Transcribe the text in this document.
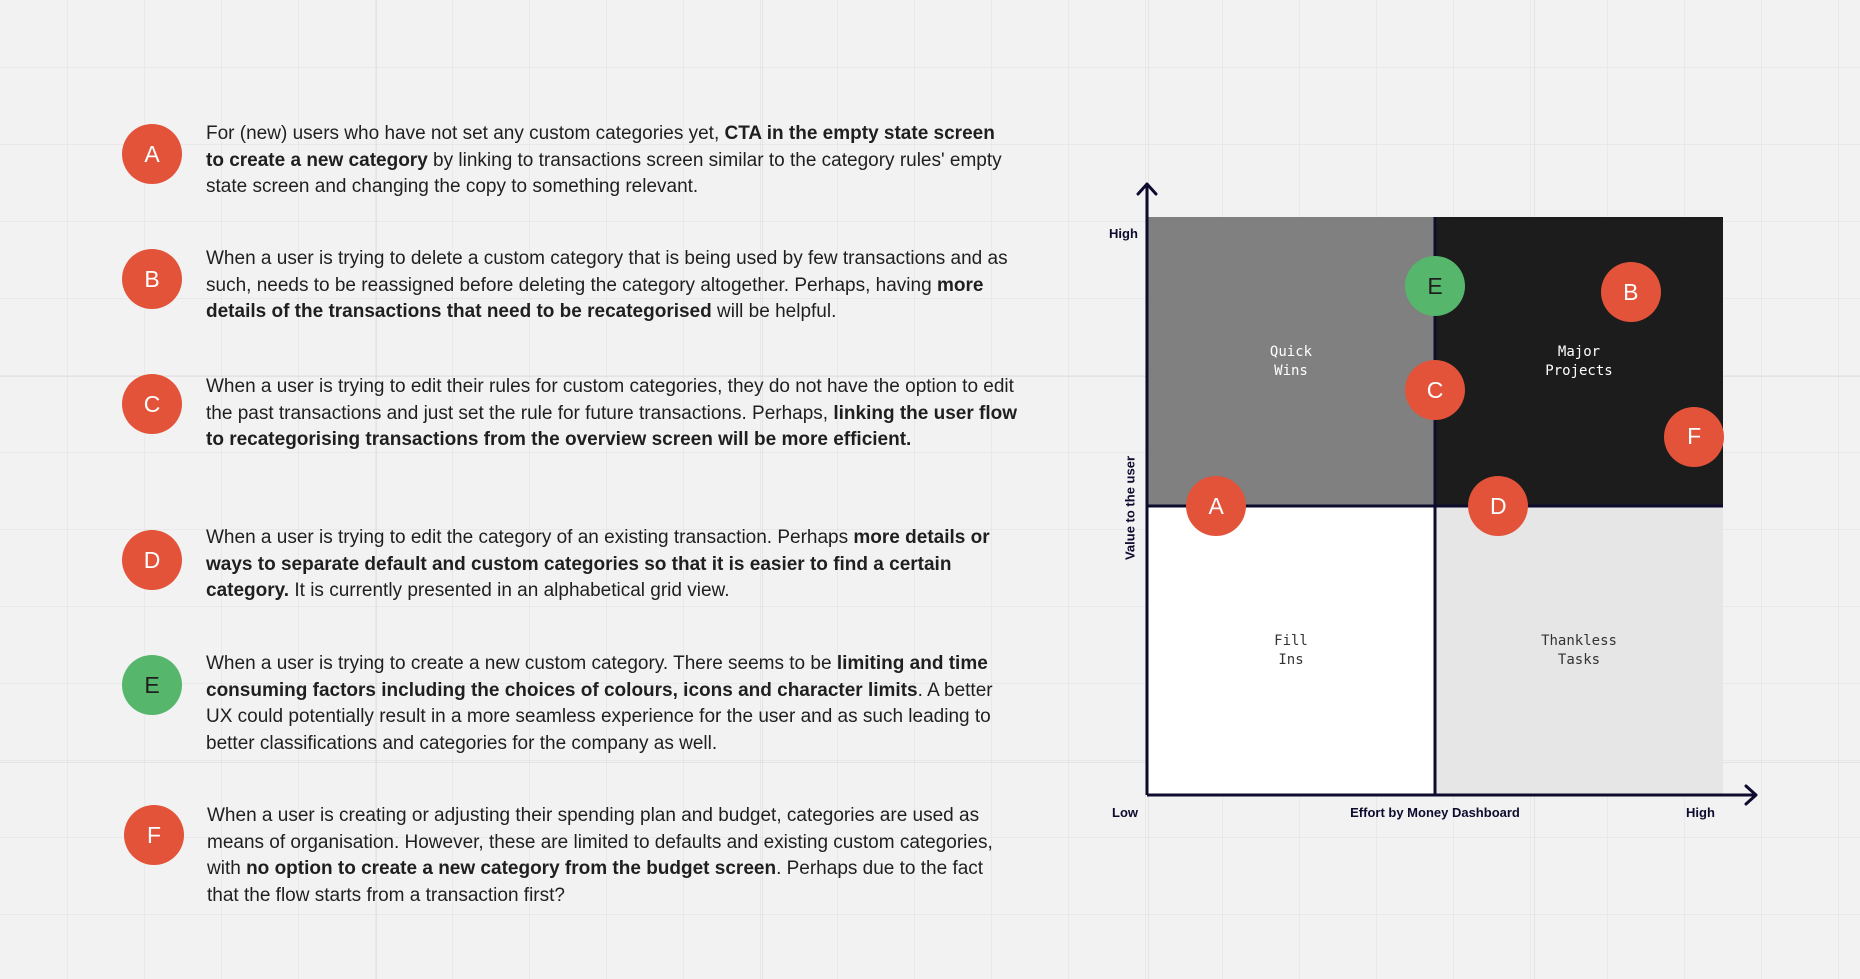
A
For (new) users who have not set any custom categories yet, CTA in the empty state screen to create a new category by linking to transactions screen similar to the category rules' empty state screen and changing the copy to something relevant.
B
When a user is trying to delete a custom category that is being used by few transactions and as such, needs to be reassigned before deleting the category altogether. Perhaps, having more details of the transactions that need to be recategorised will be helpful.
C
When a user is trying to edit their rules for custom categories, they do not have the option to edit the past transactions and just set the rule for future transactions. Perhaps, linking the user flow to recategorising transactions from the overview screen will be more efficient.
D
When a user is trying to edit the category of an existing transaction. Perhaps more details or ways to separate default and custom categories so that it is easier to find a certain category. It is currently presented in an alphabetical grid view.
E
When a user is trying to create a new custom category. There seems to be limiting and time consuming factors including the choices of colours, icons and character limits. A better UX could potentially result in a more seamless experience for the user and as such leading to better classifications and categories for the company as well.
F
When a user is creating or adjusting their spending plan and budget, categories are used as means of organisation. However, these are limited to defaults and existing custom categories, with no option to create a new category from the budget screen. Perhaps due to the fact that the flow starts from a transaction first?
Quick
Wins
Major
Projects
Fill
Ins
Thankless
Tasks
High
Low	High
Effort by Money Dashboard
Value to the user	A
B
C
D
E
F
